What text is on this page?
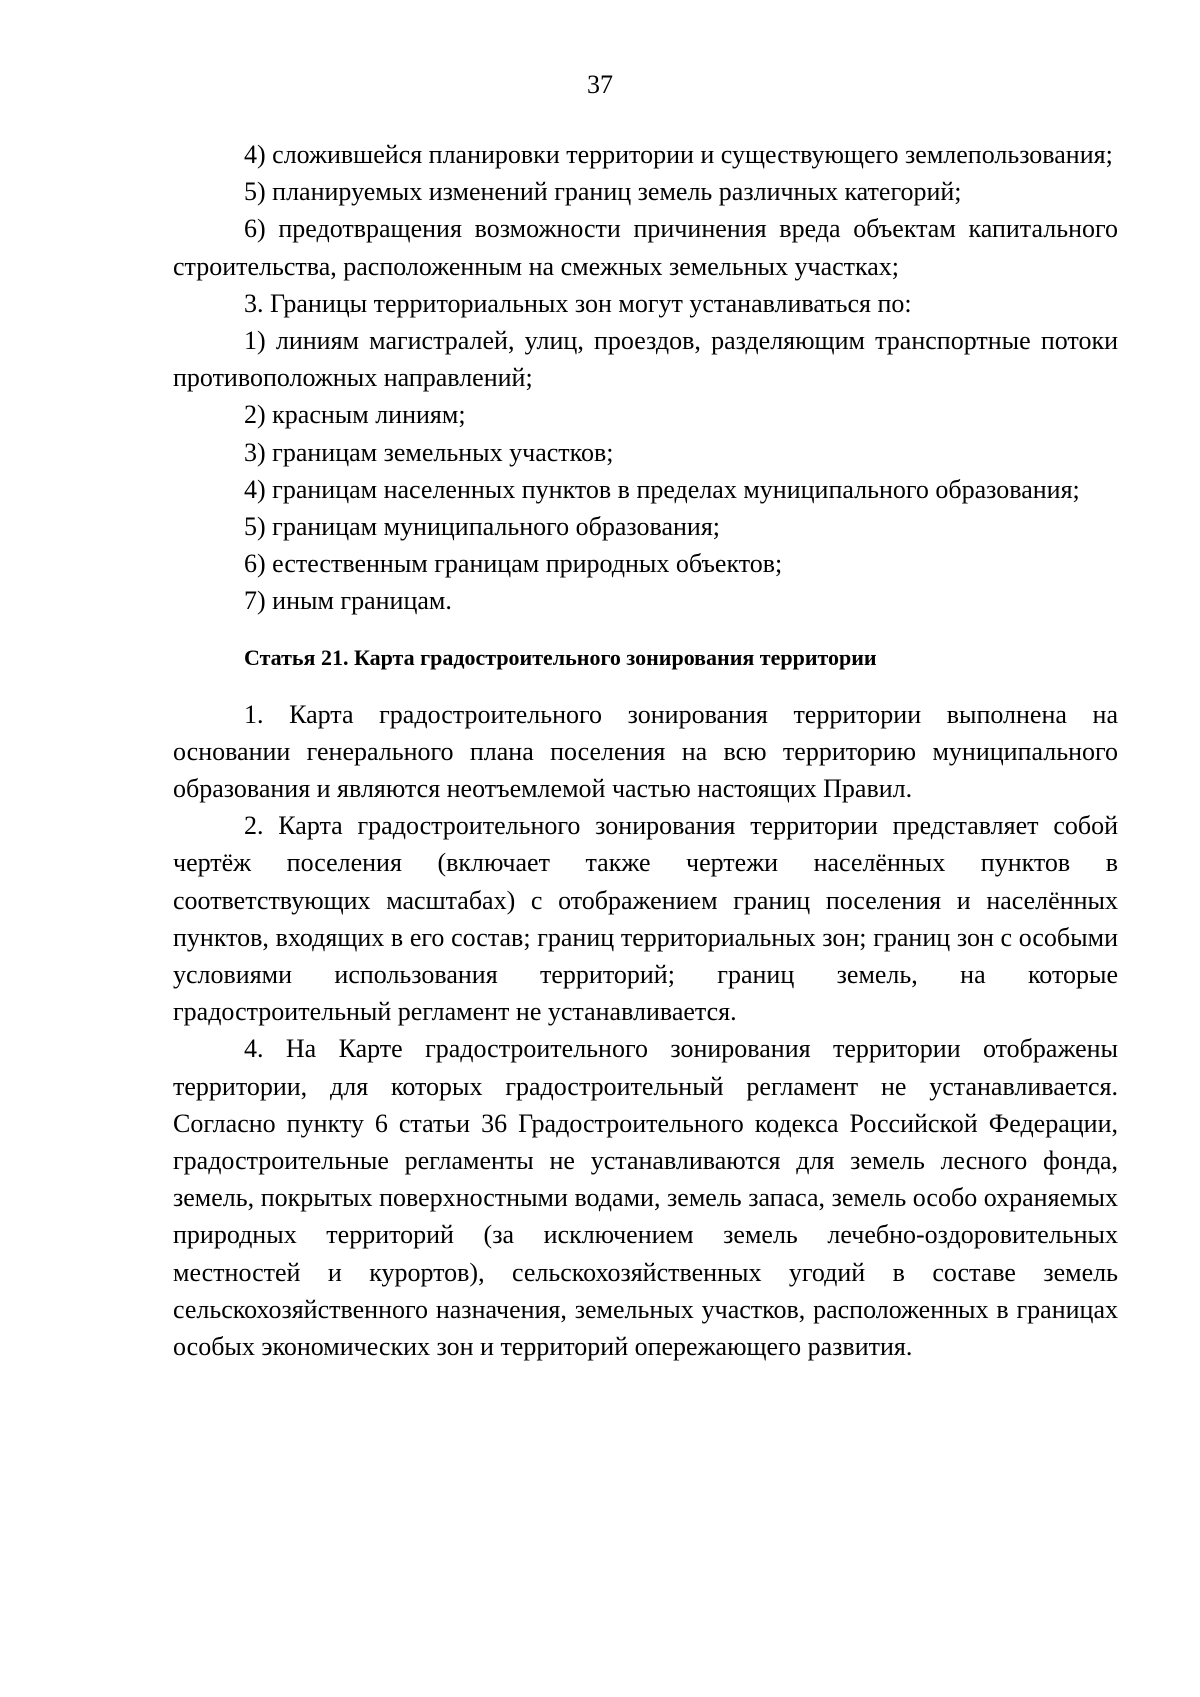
37

4) сложившейся планировки территории и существующего землепользования;

5) планируемых изменений границ земель различных категорий;

6) предотвращения возможности причинения вреда объектам капитального строительства, расположенным на смежных земельных участках;

3. Границы территориальных зон могут устанавливаться по:

1) линиям магистралей, улиц, проездов, разделяющим транспортные потоки противоположных направлений;

2) красным линиям;

3) границам земельных участков;

4) границам населенных пунктов в пределах муниципального образования;

5) границам муниципального образования;

6) естественным границам природных объектов;

7) иным границам.

Статья 21. Карта градостроительного зонирования территории

1. Карта градостроительного зонирования территории выполнена на основании генерального плана поселения на всю территорию муниципального образования и являются неотъемлемой частью настоящих Правил.

2. Карта градостроительного зонирования территории представляет собой чертёж поселения (включает также чертежи населённых пунктов в соответствующих масштабах) с отображением границ поселения и населённых пунктов, входящих в его состав; границ территориальных зон; границ зон с особыми условиями использования территорий; границ земель, на которые градостроительный регламент не устанавливается.

4. На Карте градостроительного зонирования территории отображены территории, для которых градостроительный регламент не устанавливается. Согласно пункту 6 статьи 36 Градостроительного кодекса Российской Федерации, градостроительные регламенты не устанавливаются для земель лесного фонда, земель, покрытых поверхностными водами, земель запаса, земель особо охраняемых природных территорий (за исключением земель лечебно-оздоровительных местностей и курортов), сельскохозяйственных угодий в составе земель сельскохозяйственного назначения, земельных участков, расположенных в границах особых экономических зон и территорий опережающего развития.
